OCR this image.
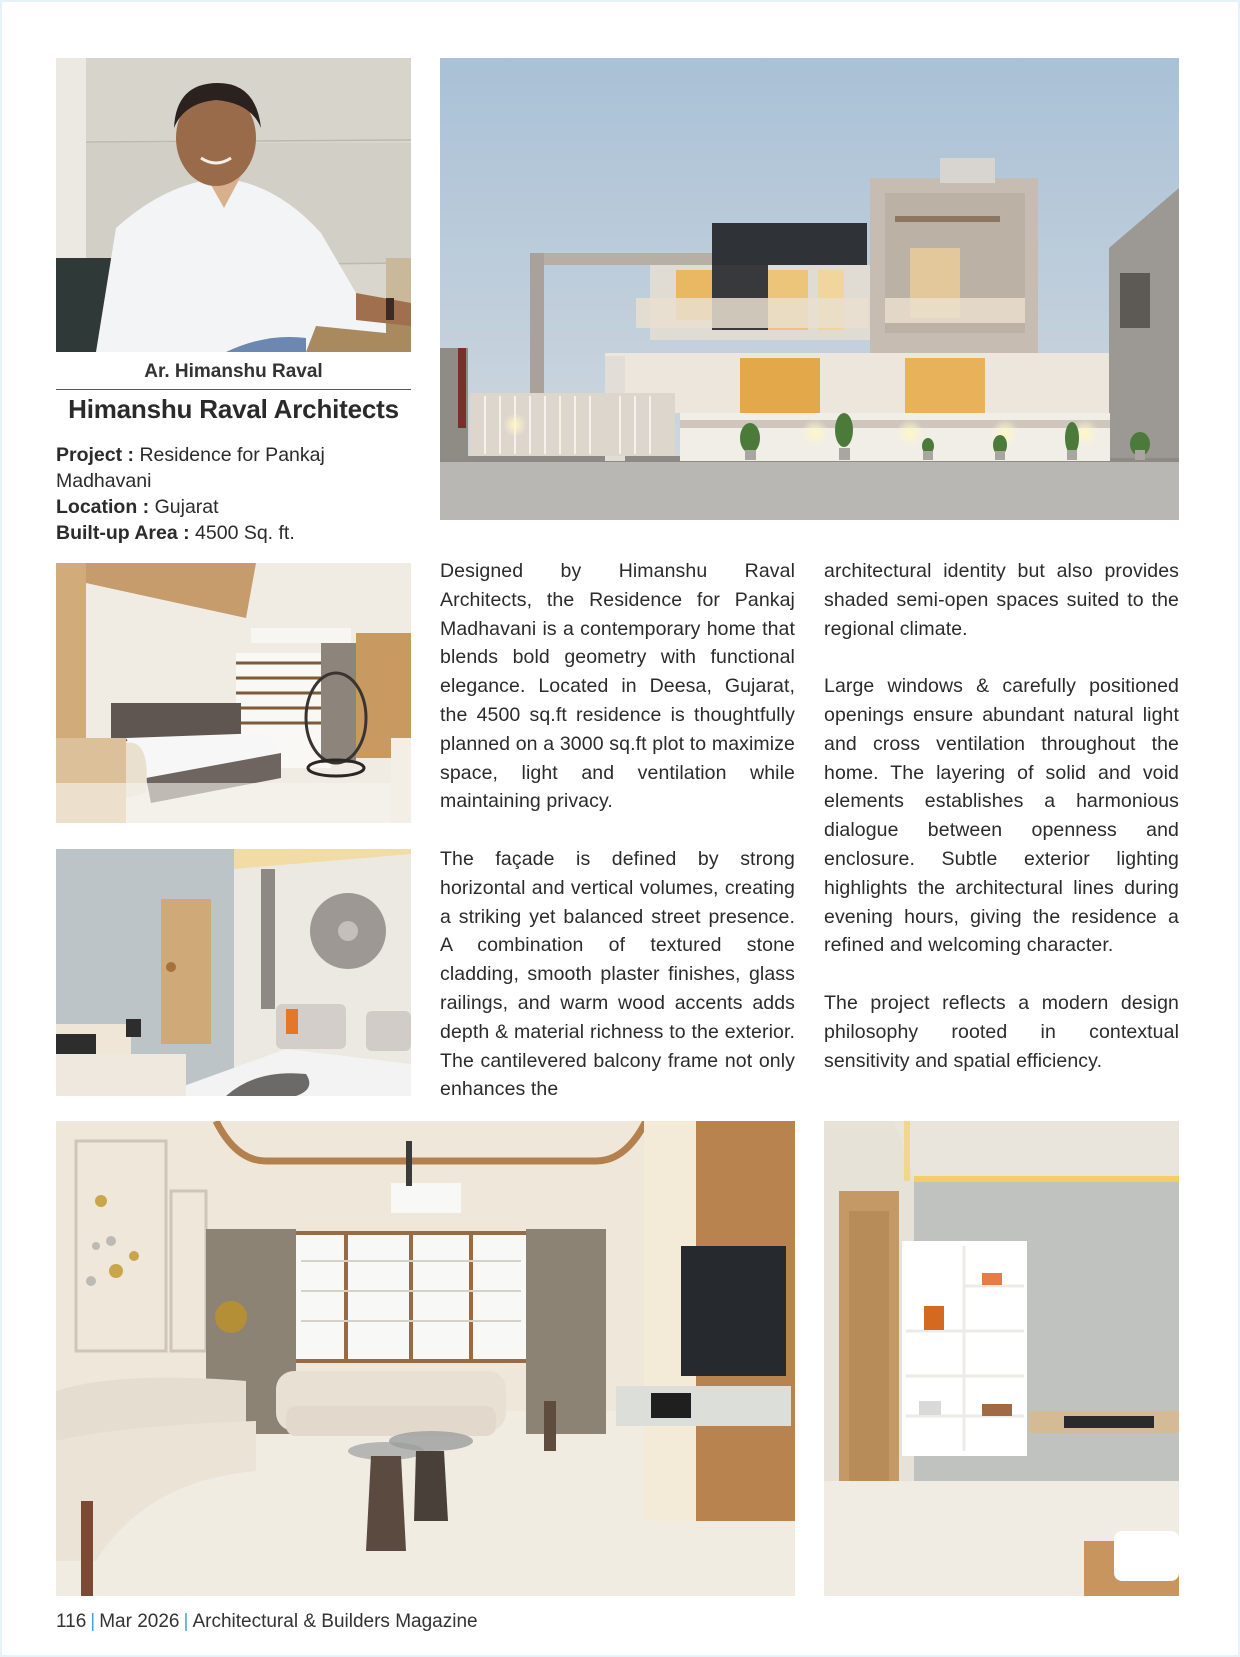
Ar. Himanshu Raval
Himanshu Raval Architects

Project : Residence for Pankaj Madhavani

Location : Gujarat

Built-up Area : 4500 Sq. ft.

Designed by Himanshu Raval Architects, the Residence for Pankaj Madhavani is a contemporary home that blends bold geometry with functional elegance. Located in Deesa, Gujarat, the 4500 sq.ft residence is thoughtfully planned on a 3000 sq.ft plot to maximize space, light and ventilation while maintaining privacy.

The façade is defined by strong horizontal and vertical volumes, creating a striking yet balanced street presence. A combination of textured stone cladding, smooth plaster finishes, glass railings, and warm wood accents adds depth & material richness to the exterior. The cantilevered balcony frame not only enhances the

architectural identity but also provides shaded semi-open spaces suited to the regional climate.

Large windows & carefully positioned openings ensure abundant natural light and cross ventilation throughout the home. The layering of solid and void elements establishes a harmonious dialogue between openness and enclosure. Subtle exterior lighting highlights the architectural lines during evening hours, giving the residence a refined and welcoming character.

The project reflects a modern design philosophy rooted in contextual sensitivity and spatial efficiency.

116 | Mar 2026 | Architectural & Builders Magazine
